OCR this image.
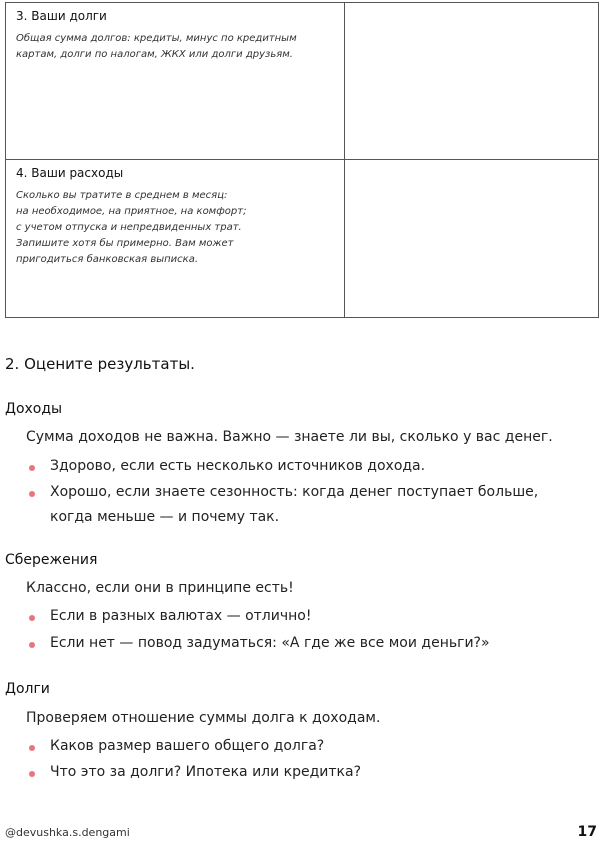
3. Ваши долги
Общая сумма долгов: кредиты, минус по кредитным
картам, долги по налогам, ЖКХ или долги друзьям.
4. Ваши расходы
Сколько вы тратите в среднем в месяц:
на необходимое, на приятное, на комфорт;
с учетом отпуска и непредвиденных трат.
Запишите хотя бы примерно. Вам может
пригодиться банковская выписка.

2. Оцените результаты.

Доходы

Сумма доходов не важна. Важно — знаете ли вы, сколько у вас денег.

Здорово, если есть несколько источников дохода.

Хорошо, если знаете сезонность: когда денег поступает больше,

когда меньше — и почему так.

Сбережения

Классно, если они в принципе есть!

Если в разных валютах — отлично!

Если нет — повод задуматься: «А где же все мои деньги?»

Долги

Проверяем отношение суммы долга к доходам.

Каков размер вашего общего долга?

Что это за долги? Ипотека или кредитка?

@devushka.s.dengami	17
